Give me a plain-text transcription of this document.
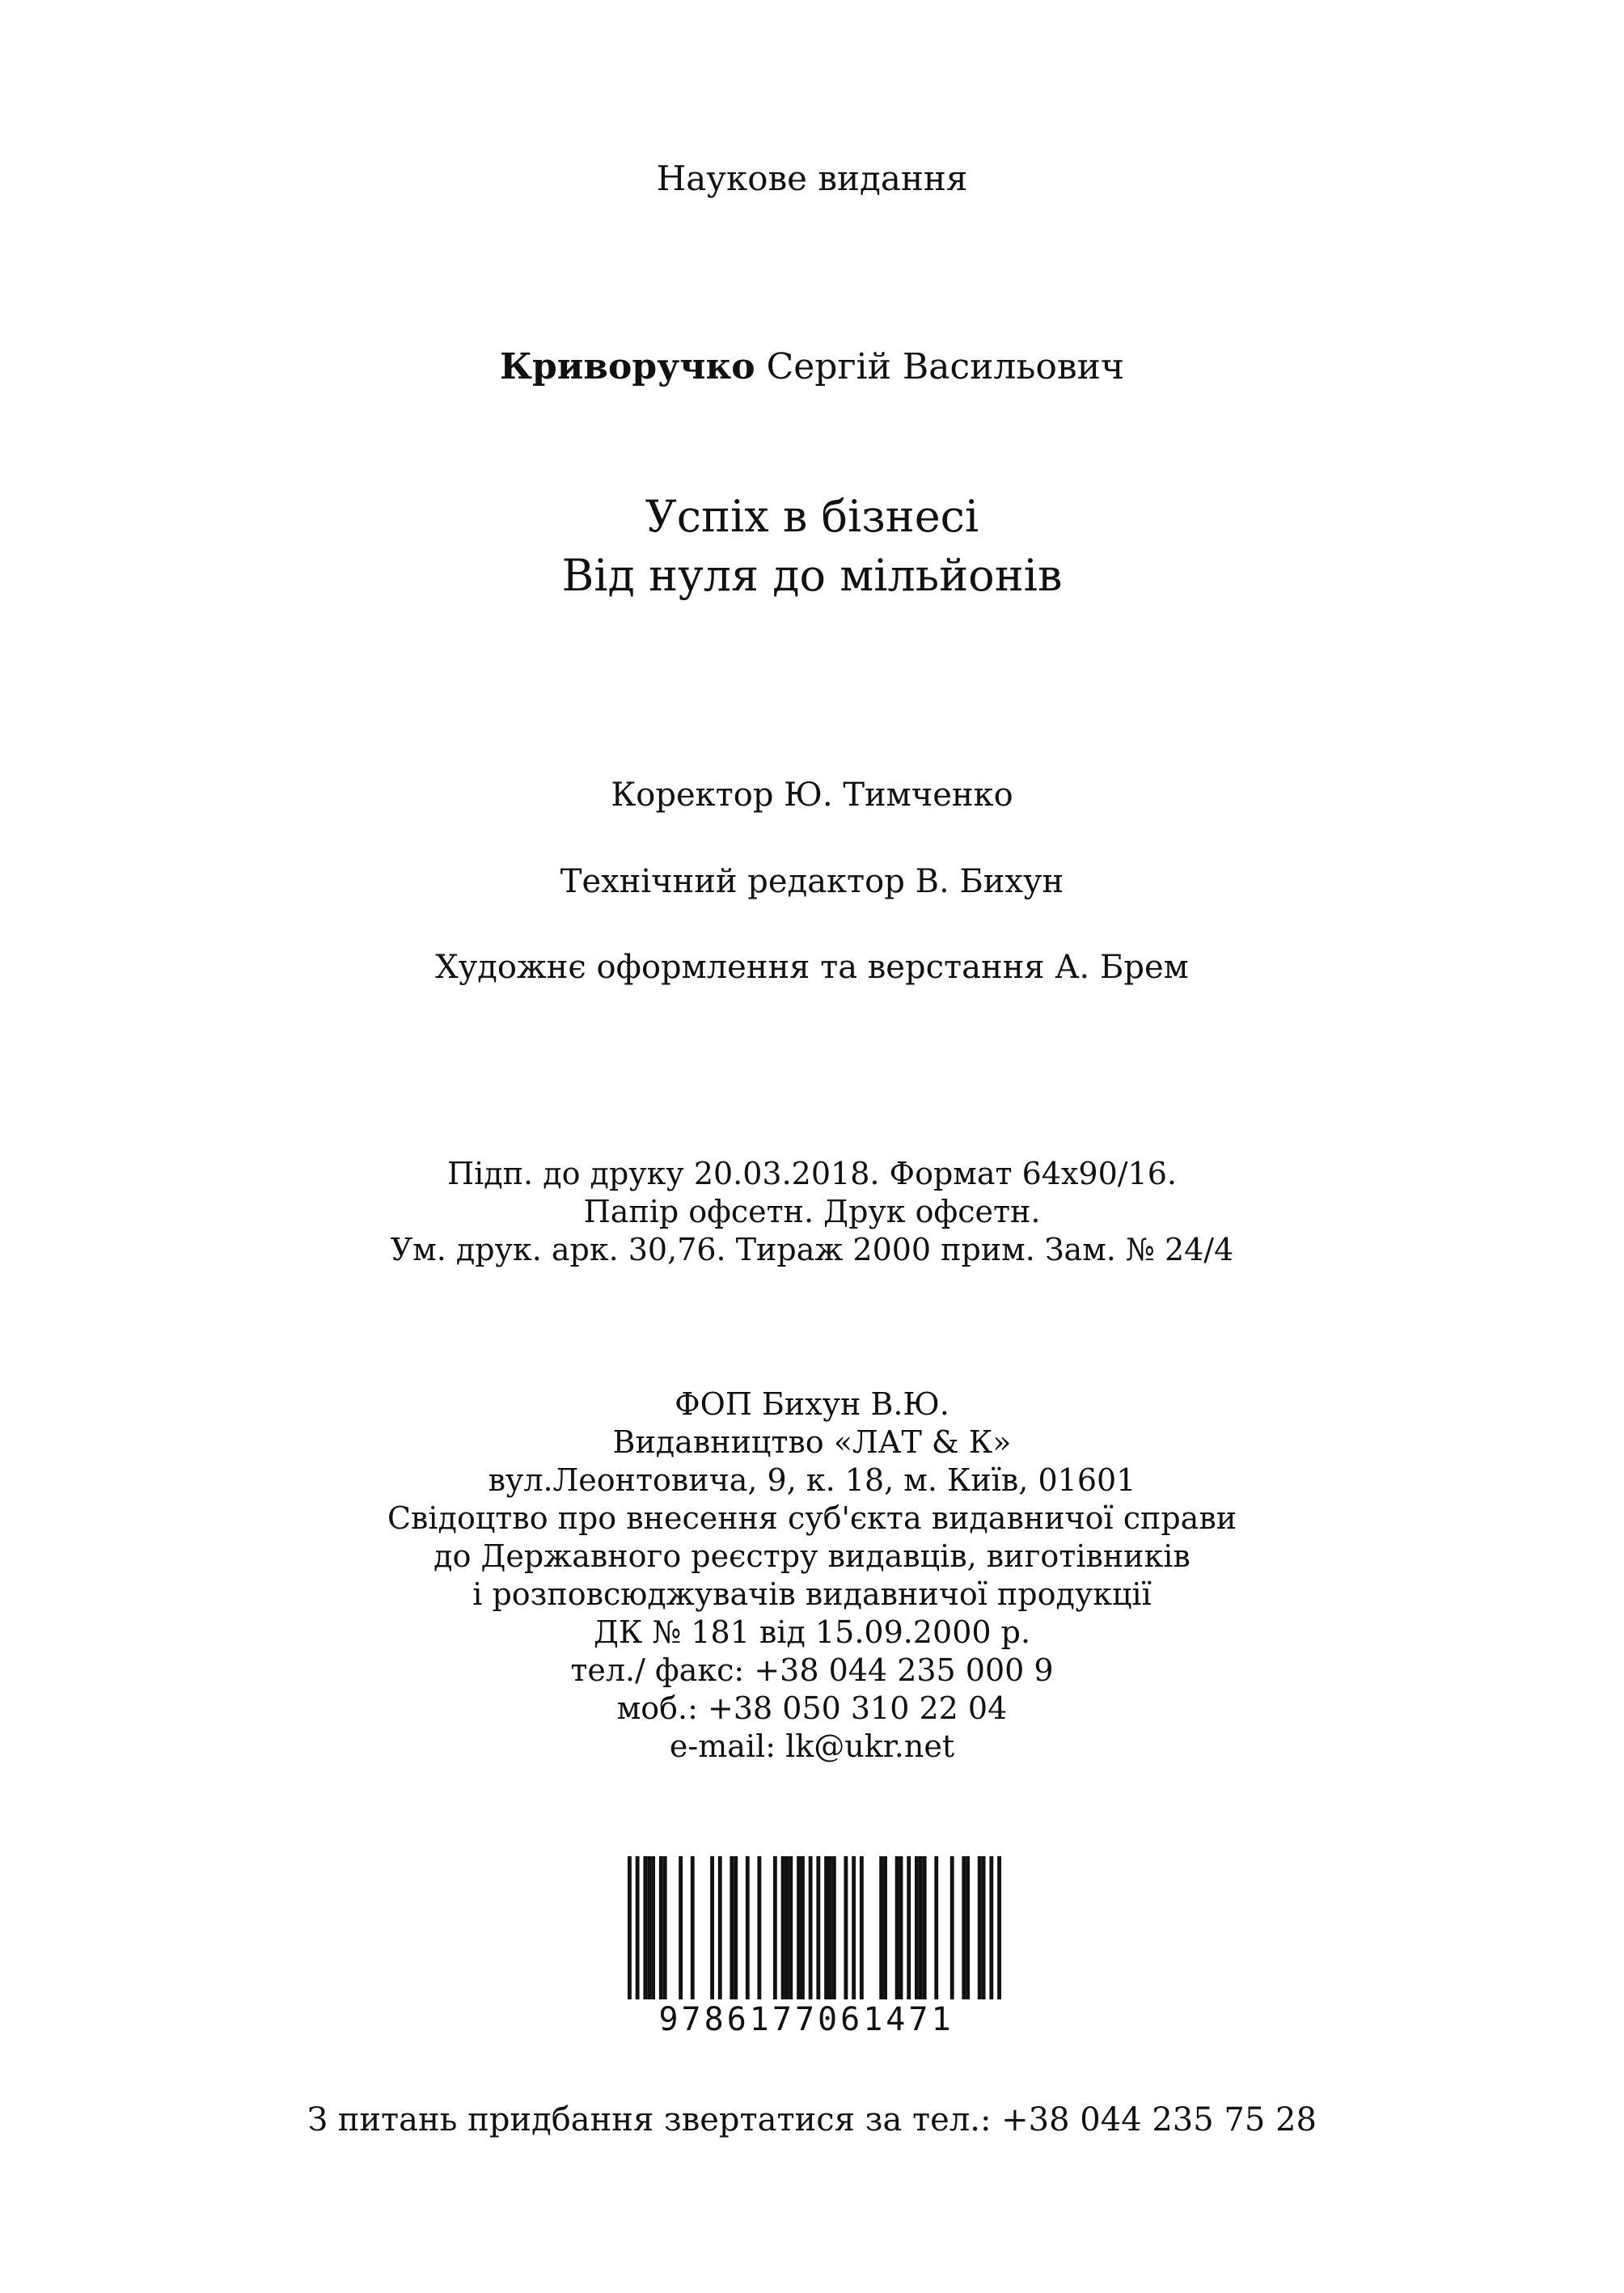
Наукове видання
Криворучко Сергій Васильович
Успіх в бізнесі
Від нуля до мільйонів
Коректор Ю. Тимченко
Технічний редактор В. Бихун
Художнє оформлення та верстання А. Брем
Підп. до друку 20.03.2018. Формат 64x90/16.
Папір офсетн. Друк офсетн.
Ум. друк. арк. 30,76. Тираж 2000 прим. Зам. № 24/4
ФОП Бихун В.Ю.
Видавництво «ЛАТ & К»
вул.Леонтовича, 9, к. 18, м. Київ, 01601
Свідоцтво про внесення суб'єкта видавничої справи
до Державного реєстру видавців, виготівників
і розповсюджувачів видавничої продукції
ДК № 181 від 15.09.2000 р.
тел./ факс: +38 044 235 000 9
моб.: +38 050 310 22 04
e-mail: lk@ukr.net
9786177061471
З питань придбання звертатися за тел.: +38 044 235 75 28
